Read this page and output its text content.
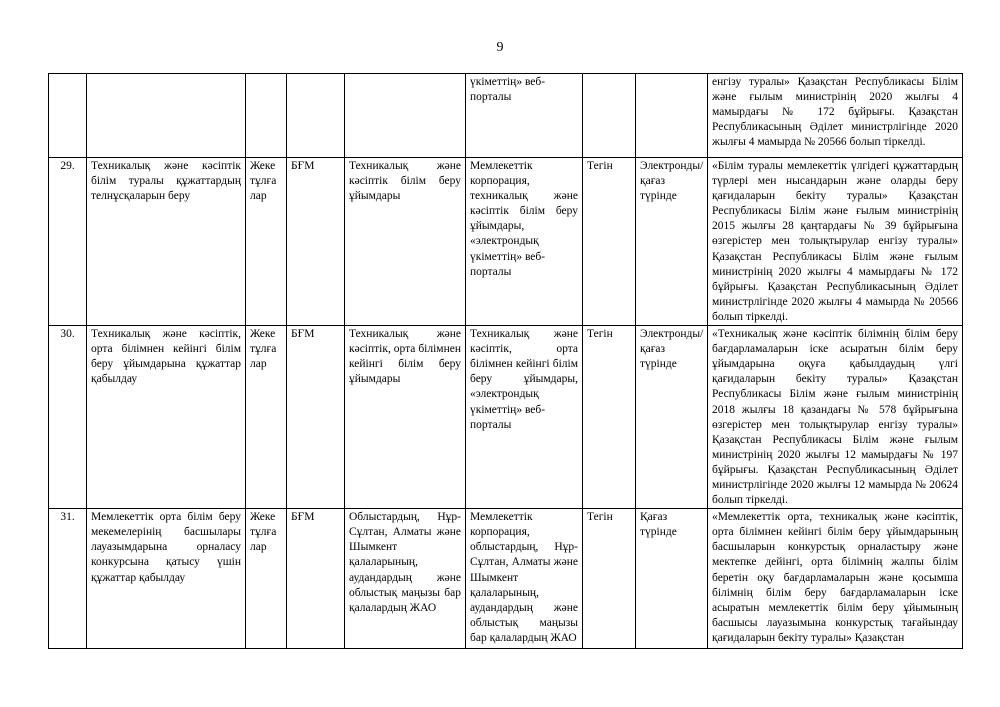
9

					үкіметтің» веб-
порталы			енгізу туралы» Қазақстан Республикасы Білім және ғылым министрінің 2020 жылғы 4 мамырдағы № 172 бұйрығы. Қазақстан Республикасының Әділет министрлігінде 2020 жылғы 4 мамырда № 20566 болып тіркелді.

29.	Техникалық және кәсіптік білім туралы құжаттардың телнұсқаларын беру	Жеке тұлға лар	БҒМ	Техникалық және кәсіптік білім беру ұйымдары	Мемлекеттік корпорация, техникалық және кәсіптік білім беру ұйымдары, «электрондық үкіметтің» веб-
порталы	Тегін	Электронды/ қағаз түрінде	«Білім туралы мемлекеттік үлгідегі құжаттардың түрлері мен нысандарын және оларды беру қағидаларын бекіту туралы» Қазақстан Республикасы Білім және ғылым министрінің 2015 жылғы 28 қаңтардағы № 39 бұйрығына өзгерістер мен толықтырулар енгізу туралы» Қазақстан Республикасы Білім және ғылым министрінің 2020 жылғы 4 мамырдағы № 172 бұйрығы. Қазақстан Республикасының Әділет министрлігінде 2020 жылғы 4 мамырда № 20566 болып тіркелді.

30.	Техникалық және кәсіптік, орта білімнен кейінгі білім беру ұйымдарына құжаттар қабылдау	Жеке тұлға лар	БҒМ	Техникалық және кәсіптік, орта білімнен кейінгі білім беру ұйымдары	Техникалық және кәсіптік, орта білімнен кейінгі білім беру ұйымдары, «электрондық үкіметтің» веб-
порталы	Тегін	Электронды/ қағаз түрінде	«Техникалық және кәсіптік білімнің білім беру бағдарламаларын іске асыратын білім беру ұйымдарына оқуға қабылдаудың үлгі қағидаларын бекіту туралы» Қазақстан Республикасы Білім және ғылым министрінің 2018 жылғы 18 қазандағы № 578 бұйрығына өзгерістер мен толықтырулар енгізу туралы» Қазақстан Республикасы Білім және ғылым министрінің 2020 жылғы 12 мамырдағы № 197 бұйрығы. Қазақстан Республикасының Әділет министрлігінде 2020 жылғы 12 мамырда № 20624 болып тіркелді.

31.	Мемлекеттік орта білім беру мекемелерінің басшылары лауазымдарына орналасу конкурсына қатысу үшін құжаттар қабылдау	Жеке тұлға лар	БҒМ	Облыстардың, Нұр-Сұлтан, Алматы және Шымкент қалаларының, аудандардың және облыстық маңызы бар қалалардың ЖАО	Мемлекеттік корпорация, облыстардың, Нұр-Сұлтан, Алматы және Шымкент қалаларының, аудандардың және облыстық маңызы бар қалалардың ЖАО	Тегін	Қағаз түрінде	«Мемлекеттік орта, техникалық және кәсіптік, орта білімнен кейінгі білім беру ұйымдарының басшыларын конкурстық орналастыру және мектепке дейінгі, орта білімнің жалпы білім беретін оқу бағдарламаларын және қосымша білімнің білім беру бағдарламаларын іске асыратын мемлекеттік білім беру ұйымының басшысы лауазымына конкурстық тағайындау қағидаларын бекіту туралы» Қазақстан
